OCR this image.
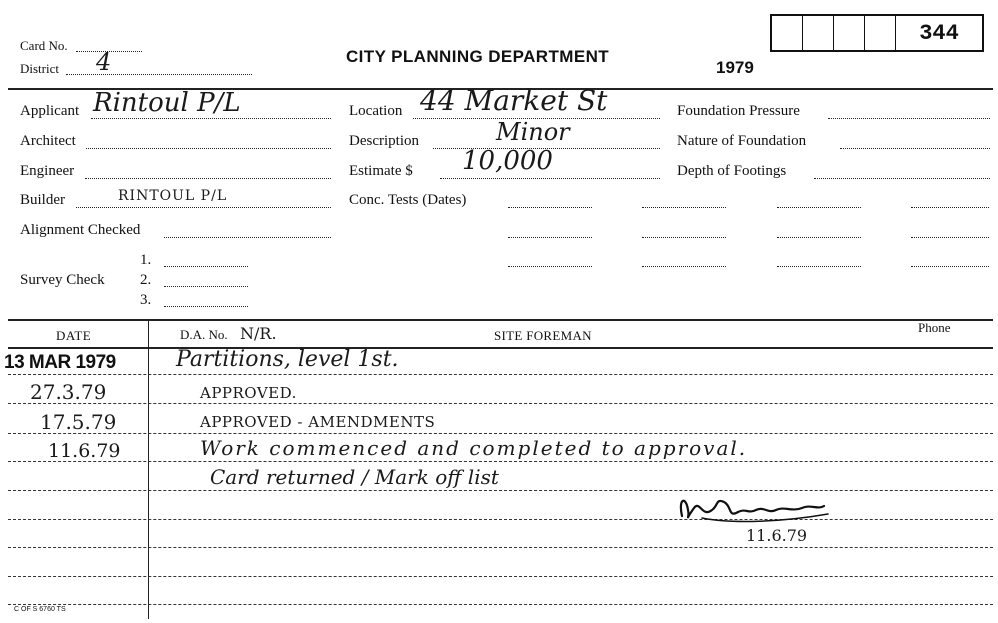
Card No.
District 4	CITY PLANNING DEPARTMENT
1979
344
Applicant Rintoul P/L
Architect
Engineer
Builder	RINTOUL P/L
Alignment Checked
Survey Check
1.
2.
3.
Location 44 Market St
Description	Minor
Estimate $ 10,000
Conc. Tests (Dates)
Foundation Pressure
Nature of Foundation
Depth of Footings
DATE	D.A. No. N/R.	SITE FOREMAN
Phone
13 MAR 1979	Partitions, level 1st.
27.3.79	APPROVED.
17.5.79	APPROVED - AMENDMENTS
11.6.79	Work commenced and completed to approval.
Card returned / Mark off list
11.6.79
C OF S 6760 TS
